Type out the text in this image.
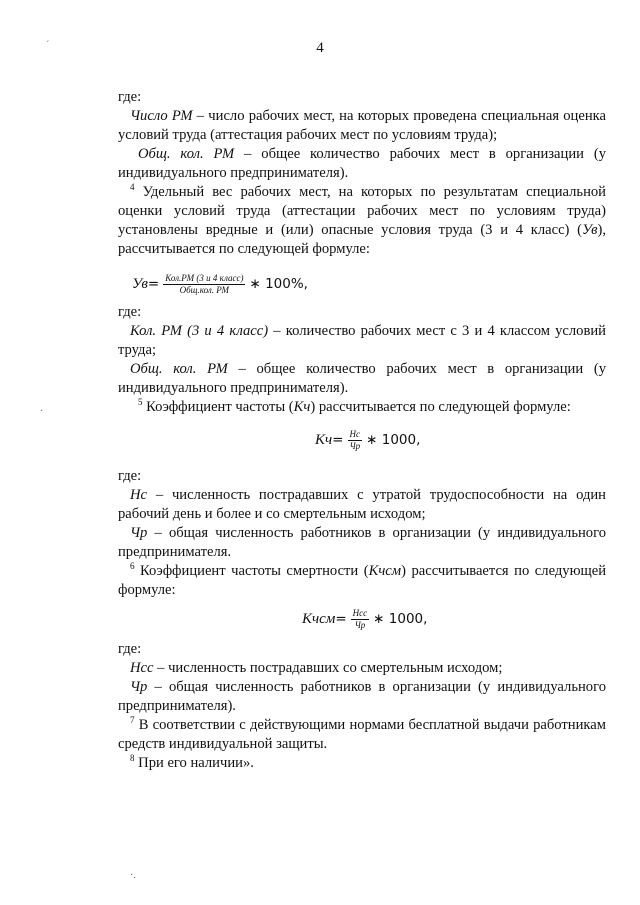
4

где:

Число РМ – число рабочих мест, на которых проведена специальная оценка условий труда (аттестация рабочих мест по условиям труда);

Общ. кол. РМ – общее количество рабочих мест в организации (у индивидуального предпринимателя).

$^4$ Удельный вес рабочих мест, на которых по результатам специальной оценки условий труда (аттестации рабочих мест по условиям труда) установлены вредные и (или) опасные условия труда (3 и 4 класс) (Ув), рассчитывается по следующей формуле:

Ув = $\frac{\text{Кол.РМ (3 и 4 класс)}}{\text{Общ.кол. РМ}}$ ∗ 100%,

где:

Кол. РМ (3 и 4 класс) – количество рабочих мест с 3 и 4 классом условий труда;

Общ. кол. РМ – общее количество рабочих мест в организации (у индивидуального предпринимателя).

$^5$ Коэффициент частоты (Кч) рассчитывается по следующей формуле:

Кч = $\frac{Нс}{Чр}$ ∗ 1000,

где:

Нс – численность пострадавших с утратой трудоспособности на один рабочий день и более и со смертельным исходом;

Чр – общая численность работников в организации (у индивидуального предпринимателя.

$^6$ Коэффициент частоты смертности (Кчсм) рассчитывается по следующей формуле:

Кчсм = $\frac{\text{Нсс}}{Чр}$ ∗ 1000,

где:

Нсс – численность пострадавших со смертельным исходом;

Чр – общая численность работников в организации (у индивидуального предпринимателя).

$^7$ В соответствии с действующими нормами бесплатной выдачи работникам средств индивидуальной защиты.

$^8$ При его наличии».

ˊ
·
·.
